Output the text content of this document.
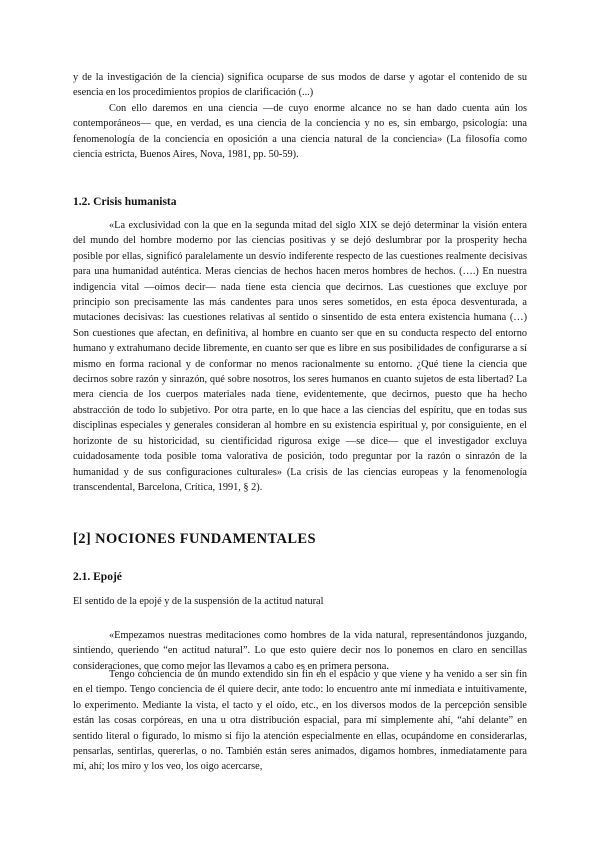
y de la investigación de la ciencia) significa ocuparse de sus modos de darse y agotar el contenido de su esencia en los procedimientos propios de clarificación (...)

Con ello daremos en una ciencia —de cuyo enorme alcance no se han dado cuenta aún los contemporáneos— que, en verdad, es una ciencia de la conciencia y no es, sin embargo, psicología: una fenomenología de la conciencia en oposición a una ciencia natural de la conciencia» (La filosofía como ciencia estricta, Buenos Aires, Nova, 1981, pp. 50-59).

1.2. Crisis humanista

«La exclusividad con la que en la segunda mitad del siglo XIX se dejó determinar la visión entera del mundo del hombre moderno por las ciencias positivas y se dejó deslumbrar por la prosperity hecha posible por ellas, significó paralelamente un desvío indiferente respecto de las cuestiones realmente decisivas para una humanidad auténtica. Meras ciencias de hechos hacen meros hombres de hechos. (….) En nuestra indigencia vital —oímos decir— nada tiene esta ciencia que decirnos. Las cuestiones que excluye por principio son precisamente las más candentes para unos seres sometidos, en esta época desventurada, a mutaciones decisivas: las cuestiones relativas al sentido o sinsentido de esta entera existencia humana (…) Son cuestiones que afectan, en definitiva, al hombre en cuanto ser que en su conducta respecto del entorno humano y extrahumano decide libremente, en cuanto ser que es libre en sus posibilidades de configurarse a sí mismo en forma racional y de conformar no menos racionalmente su entorno. ¿Qué tiene la ciencia que decirnos sobre razón y sinrazón, qué sobre nosotros, los seres humanos en cuanto sujetos de esta libertad? La mera ciencia de los cuerpos materiales nada tiene, evidentemente, que decirnos, puesto que ha hecho abstracción de todo lo subjetivo. Por otra parte, en lo que hace a las ciencias del espíritu, que en todas sus disciplinas especiales y generales consideran al hombre en su existencia espiritual y, por consiguiente, en el horizonte de su historicidad, su cientificidad rigurosa exige —se dice— que el investigador excluya cuidadosamente toda posible toma valorativa de posición, todo preguntar por la razón o sinrazón de la humanidad y de sus configuraciones culturales» (La crisis de las ciencias europeas y la fenomenología transcendental, Barcelona, Crítica, 1991, § 2).

[2] NOCIONES FUNDAMENTALES
2.1. Epojé

El sentido de la epojé y de la suspensión de la actitud natural

«Empezamos nuestras meditaciones como hombres de la vida natural, representándonos juzgando, sintiendo, queriendo “en actitud natural”. Lo que esto quiere decir nos lo ponemos en claro en sencillas consideraciones, que como mejor las llevamos a cabo es en primera persona.

Tengo conciencia de un mundo extendido sin fin en el espacio y que viene y ha venido a ser sin fin en el tiempo. Tengo conciencia de él quiere decir, ante todo: lo encuentro ante mí inmediata e intuitivamente, lo experimento. Mediante la vista, el tacto y el oído, etc., en los diversos modos de la percepción sensible están las cosas corpóreas, en una u otra distribución espacial, para mí simplemente ahí, “ahí delante” en sentido literal o figurado, lo mismo si fijo la atención especialmente en ellas, ocupándome en considerarlas, pensarlas, sentirlas, quererlas, o no. También están seres animados, digamos hombres, inmediatamente para mí, ahí; los miro y los veo, los oigo acercarse,
